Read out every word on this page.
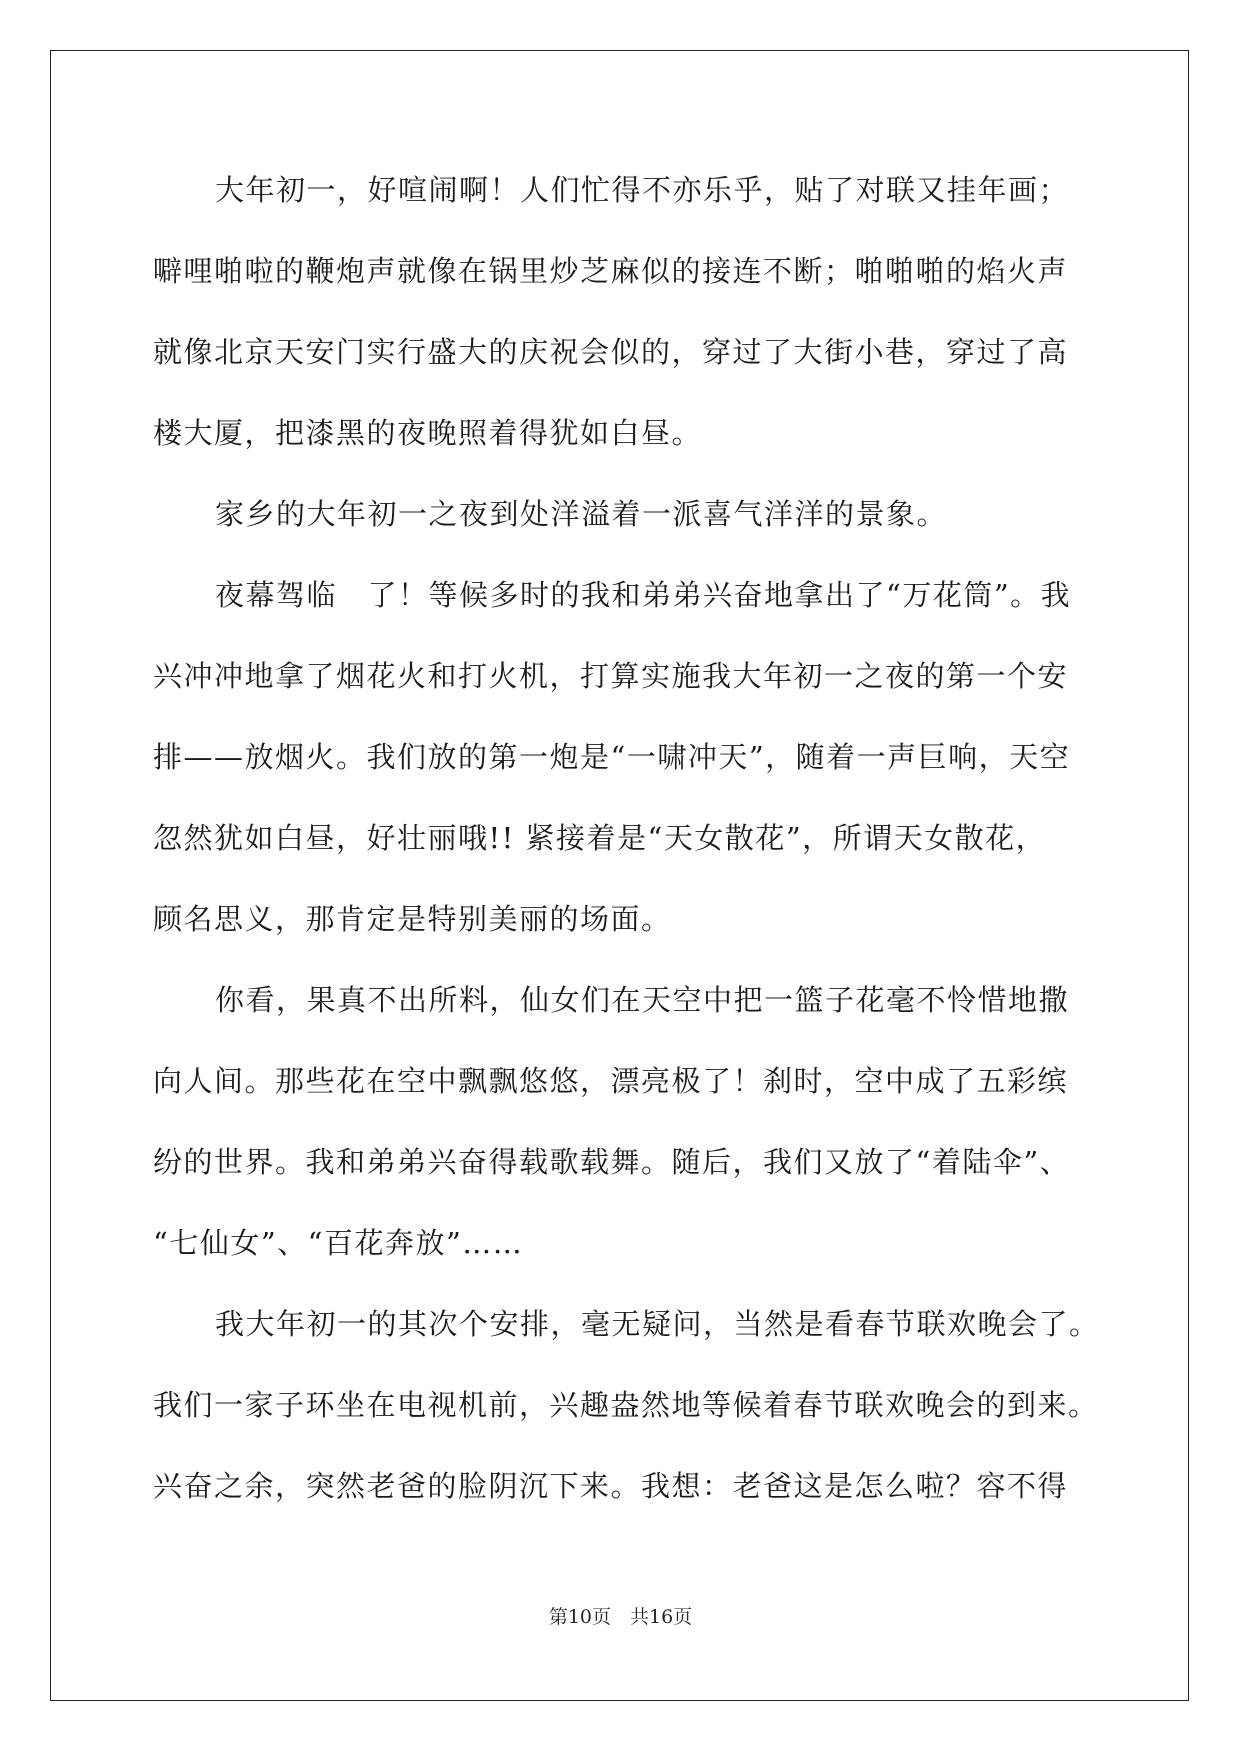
大年初一，好喧闹啊！人们忙得不亦乐乎，贴了对联又挂年画；
噼哩啪啦的鞭炮声就像在锅里炒芝麻似的接连不断；啪啪啪的焰火声
就像北京天安门实行盛大的庆祝会似的，穿过了大街小巷，穿过了高
楼大厦，把漆黑的夜晚照着得犹如白昼。
家乡的大年初一之夜到处洋溢着一派喜气洋洋的景象。
夜幕驾临　了！等候多时的我和弟弟兴奋地拿出了“万花筒”。我
兴冲冲地拿了烟花火和打火机，打算实施我大年初一之夜的第一个安
排——放烟火。我们放的第一炮是“一啸冲天”，随着一声巨响，天空
忽然犹如白昼，好壮丽哦!! 紧接着是“天女散花”，所谓天女散花，
顾名思义，那肯定是特别美丽的场面。
你看，果真不出所料，仙女们在天空中把一篮子花毫不怜惜地撒
向人间。那些花在空中飘飘悠悠，漂亮极了！刹时，空中成了五彩缤
纷的世界。我和弟弟兴奋得载歌载舞。随后，我们又放了“着陆伞”、
“七仙女”、“百花奔放”……
我大年初一的其次个安排，毫无疑问，当然是看春节联欢晚会了。
我们一家子环坐在电视机前，兴趣盎然地等候着春节联欢晚会的到来。
兴奋之余，突然老爸的脸阴沉下来。我想：老爸这是怎么啦？容不得
第10页　共16页
